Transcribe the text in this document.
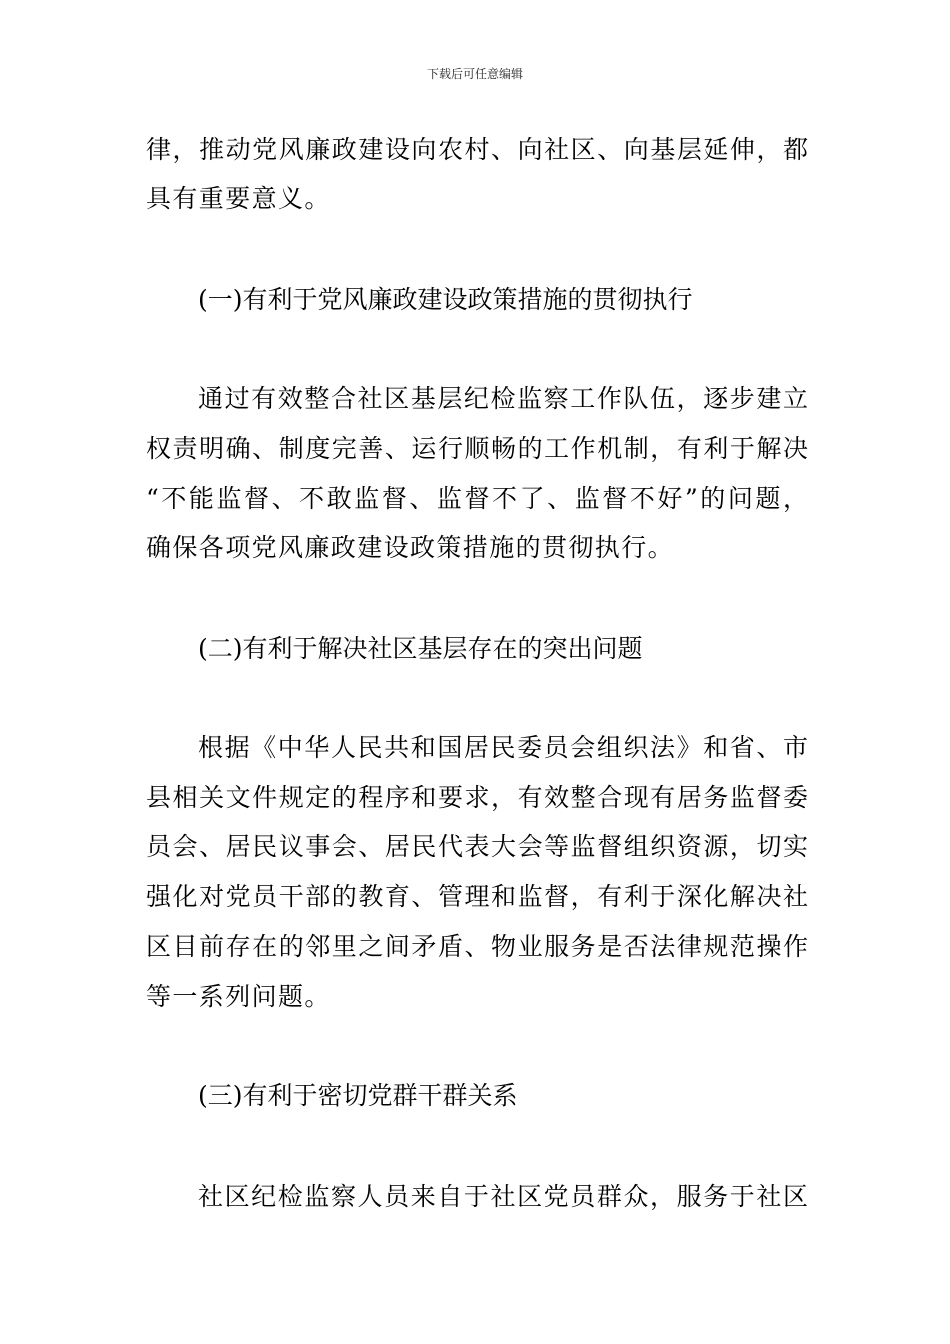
下载后可任意编辑
律，推动党风廉政建设向农村、向社区、向基层延伸，都
具有重要意义。
(一)有利于党风廉政建设政策措施的贯彻执行
通过有效整合社区基层纪检监察工作队伍，逐步建立
权责明确、制度完善、运行顺畅的工作机制，有利于解决
“不能监督、不敢监督、监督不了、监督不好”的问题，
确保各项党风廉政建设政策措施的贯彻执行。
(二)有利于解决社区基层存在的突出问题
根据《中华人民共和国居民委员会组织法》和省、市
县相关文件规定的程序和要求，有效整合现有居务监督委
员会、居民议事会、居民代表大会等监督组织资源，切实
强化对党员干部的教育、管理和监督，有利于深化解决社
区目前存在的邻里之间矛盾、物业服务是否法律规范操作
等一系列问题。
(三)有利于密切党群干群关系
社区纪检监察人员来自于社区党员群众，服务于社区
